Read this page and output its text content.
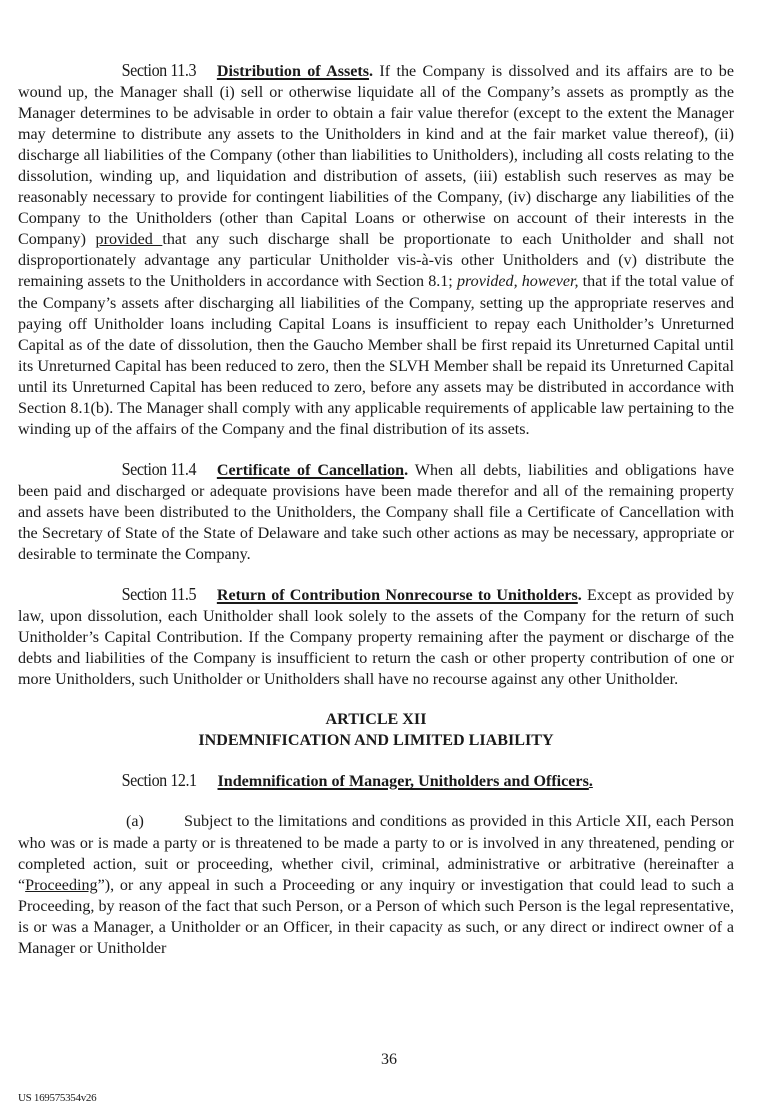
Section 11.3 Distribution of Assets. If the Company is dissolved and its affairs are to be wound up, the Manager shall (i) sell or otherwise liquidate all of the Company’s assets as promptly as the Manager determines to be advisable in order to obtain a fair value therefor (except to the extent the Manager may determine to distribute any assets to the Unitholders in kind and at the fair market value thereof), (ii) discharge all liabilities of the Company (other than liabilities to Unitholders), including all costs relating to the dissolution, winding up, and liquidation and distribution of assets, (iii) establish such reserves as may be reasonably necessary to provide for contingent liabilities of the Company, (iv) discharge any liabilities of the Company to the Unitholders (other than Capital Loans or otherwise on account of their interests in the Company) provided that any such discharge shall be proportionate to each Unitholder and shall not disproportionately advantage any particular Unitholder vis-à-vis other Unitholders and (v) distribute the remaining assets to the Unitholders in accordance with Section 8.1; provided, however, that if the total value of the Company’s assets after discharging all liabilities of the Company, setting up the appropriate reserves and paying off Unitholder loans including Capital Loans is insufficient to repay each Unitholder’s Unreturned Capital as of the date of dissolution, then the Gaucho Member shall be first repaid its Unreturned Capital until its Unreturned Capital has been reduced to zero, then the SLVH Member shall be repaid its Unreturned Capital until its Unreturned Capital has been reduced to zero, before any assets may be distributed in accordance with Section 8.1(b). The Manager shall comply with any applicable requirements of applicable law pertaining to the winding up of the affairs of the Company and the final distribution of its assets.

Section 11.4 Certificate of Cancellation. When all debts, liabilities and obligations have been paid and discharged or adequate provisions have been made therefor and all of the remaining property and assets have been distributed to the Unitholders, the Company shall file a Certificate of Cancellation with the Secretary of State of the State of Delaware and take such other actions as may be necessary, appropriate or desirable to terminate the Company.

Section 11.5 Return of Contribution Nonrecourse to Unitholders. Except as provided by law, upon dissolution, each Unitholder shall look solely to the assets of the Company for the return of such Unitholder’s Capital Contribution. If the Company property remaining after the payment or discharge of the debts and liabilities of the Company is insufficient to return the cash or other property contribution of one or more Unitholders, such Unitholder or Unitholders shall have no recourse against any other Unitholder.

ARTICLE XII
INDEMNIFICATION AND LIMITED LIABILITY

Section 12.1 Indemnification of Manager, Unitholders and Officers.

(a) Subject to the limitations and conditions as provided in this Article XII, each Person who was or is made a party or is threatened to be made a party to or is involved in any threatened, pending or completed action, suit or proceeding, whether civil, criminal, administrative or arbitrative (hereinafter a “Proceeding”), or any appeal in such a Proceeding or any inquiry or investigation that could lead to such a Proceeding, by reason of the fact that such Person, or a Person of which such Person is the legal representative, is or was a Manager, a Unitholder or an Officer, in their capacity as such, or any direct or indirect owner of a Manager or Unitholder

36
US 169575354v26
